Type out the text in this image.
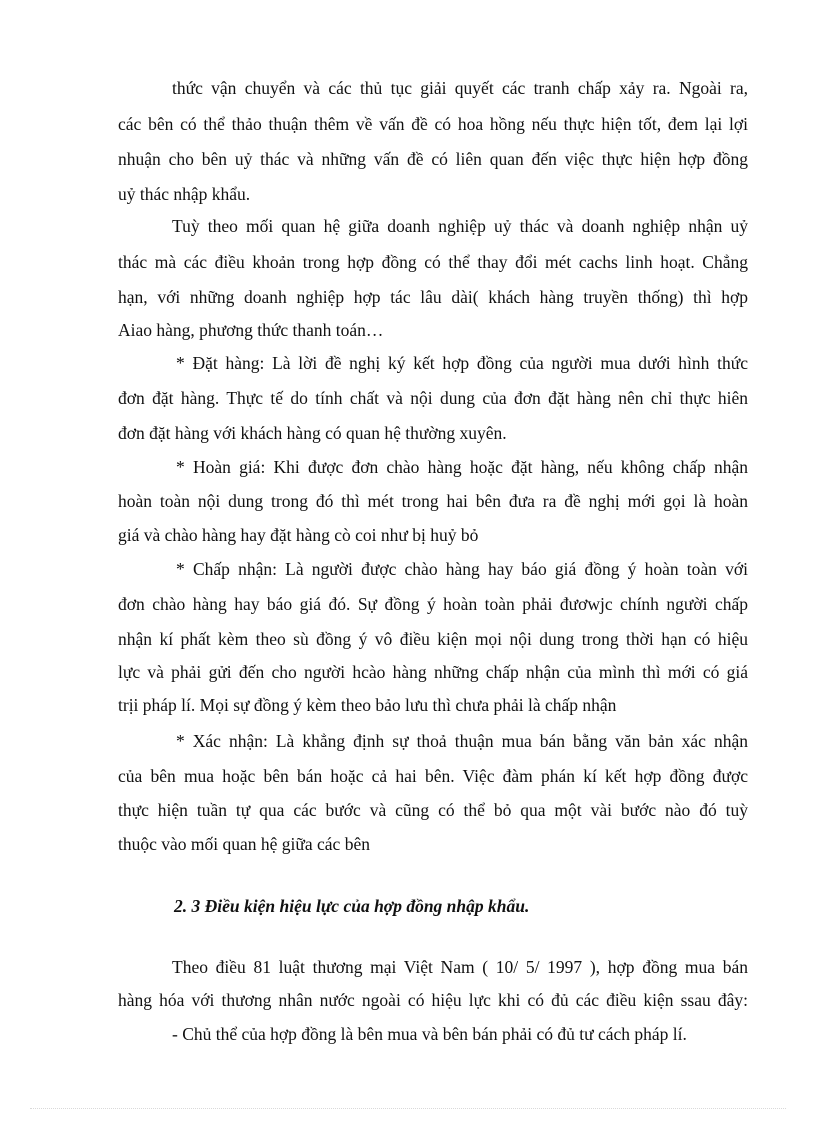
thức vận chuyển và các thủ tục giải quyết các tranh chấp xảy ra. Ngoài ra,
các bên có thể thảo thuận thêm về vấn đề có hoa hồng nếu thực hiện tốt, đem lại lợi
nhuận cho bên uỷ thác và những vấn đề có liên quan đến việc thực hiện hợp đồng
uỷ thác nhập khẩu.
Tuỳ theo mối quan hệ giữa doanh nghiệp uỷ thác và doanh nghiệp nhận uỷ
thác mà các điều khoản trong hợp đồng có thể thay đổi mét cachs linh hoạt. Chẳng
hạn, với những doanh nghiệp hợp tác lâu dài( khách hàng truyền thống) thì hợp
Aiao hàng, phương thức thanh toán…
* Đặt hàng: Là lời đề nghị ký kết hợp đồng của người mua dưới hình thức
đơn đặt hàng. Thực tế do tính chất và nội dung của đơn đặt hàng nên chỉ thực hiên
đơn đặt hàng với khách hàng có quan hệ thường xuyên.
* Hoàn giá: Khi được đơn chào hàng hoặc đặt hàng, nếu không chấp nhận
hoàn toàn nội dung trong đó thì mét trong hai bên đưa ra đề nghị mới gọi là hoàn
giá và chào hàng hay đặt hàng cò coi như bị huỷ bỏ
* Chấp nhận: Là người được chào hàng hay báo giá đồng ý hoàn toàn với
đơn chào hàng hay báo giá đó. Sự đồng ý hoàn toàn phải đươwjc chính người chấp
nhận kí phất kèm theo sù đồng ý vô điều kiện mọi nội dung trong thời hạn có hiệu
lực và phải gửi đến cho người hcào hàng những chấp nhận của mình thì mới có giá
trịi pháp lí. Mọi sự đồng ý kèm theo bảo lưu thì chưa phải là chấp nhận
* Xác nhận: Là khẳng định sự thoả thuận mua bán bằng văn bản xác nhận
của bên mua hoặc bên bán hoặc cả hai bên. Việc đàm phán kí kết hợp đồng được
thực hiện tuần tự qua các bước và cũng có thể bỏ qua một vài bước nào đó tuỳ
thuộc vào mối quan hệ giữa các bên
2. 3 Điều kiện hiệu lực của hợp đồng nhập khẩu.
Theo điều 81 luật thương mại Việt Nam ( 10/ 5/ 1997 ), hợp đồng mua bán
hàng hóa với thương nhân nước ngoài có hiệu lực khi có đủ các điều kiện ssau đây:
- Chủ thể của hợp đồng là bên mua và bên bán phải có đủ tư cách pháp lí.
